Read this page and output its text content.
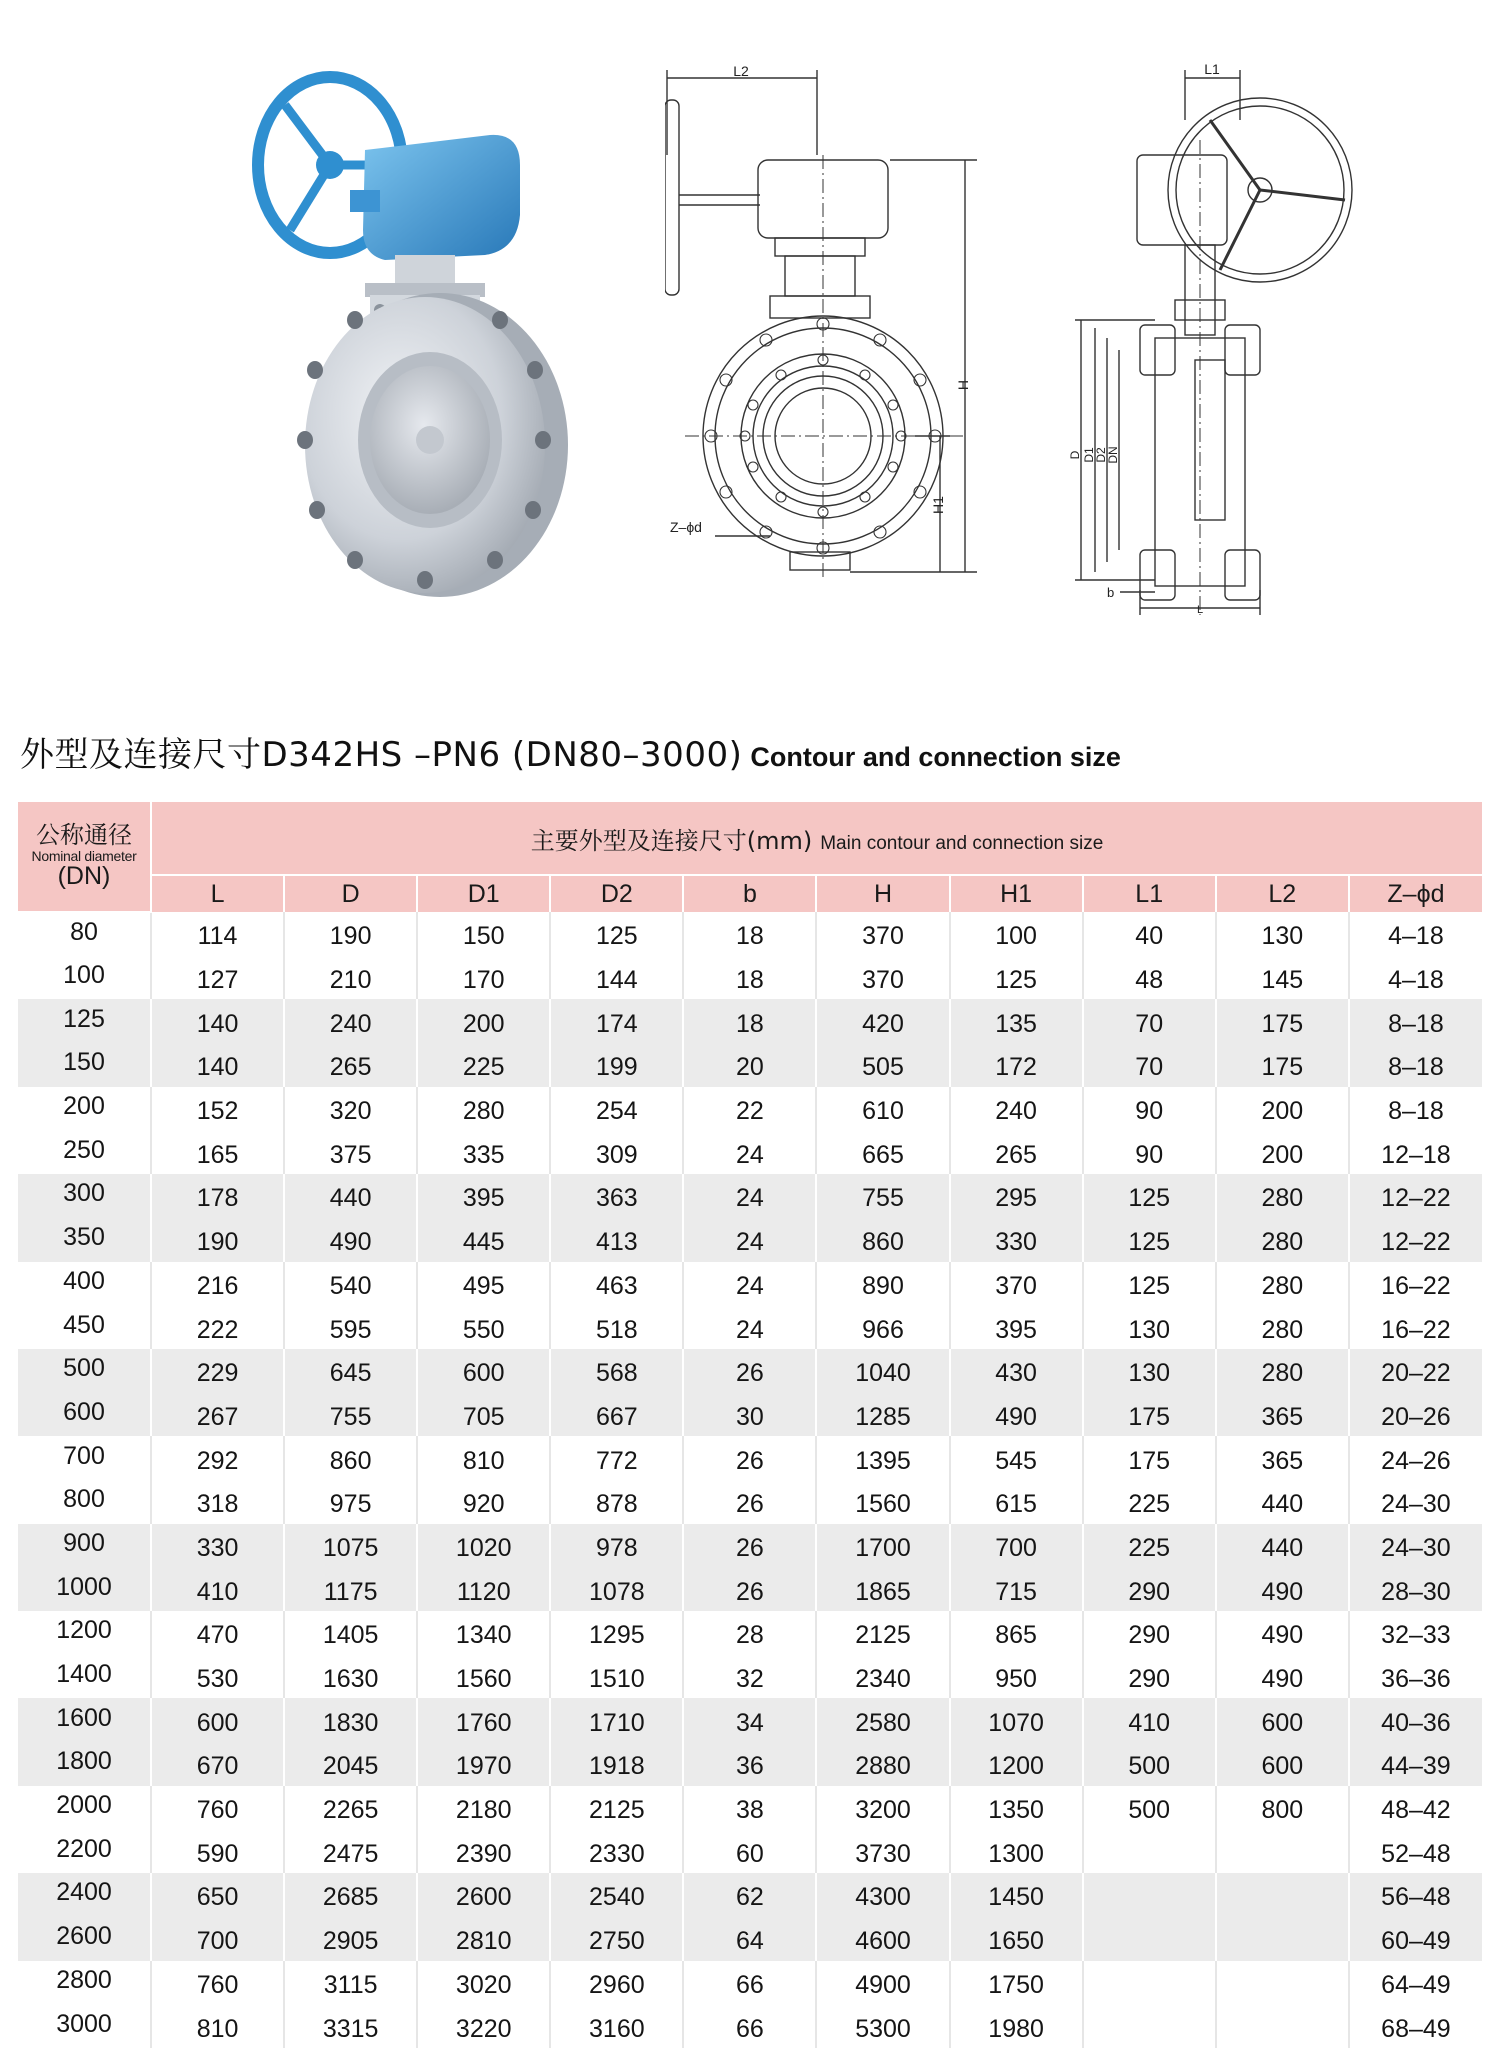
L2
H
H1
Z–ϕd
L1
D D1
D2
DN
b
L
外型及连接尺寸D342HS –PN6 (DN80–3000) Contour and connection size
公称通径
Nominal diameter
(DN)	主要外型及连接尺寸(mm) Main contour and connection size									
	L	D	D1	D2	b	H	H1	L1	L2	Z–ϕd
80	114	190	150	125	18	370	100	40	130	4–18
100	127	210	170	144	18	370	125	48	145	4–18
125	140	240	200	174	18	420	135	70	175	8–18
150	140	265	225	199	20	505	172	70	175	8–18
200	152	320	280	254	22	610	240	90	200	8–18
250	165	375	335	309	24	665	265	90	200	12–18
300	178	440	395	363	24	755	295	125	280	12–22
350	190	490	445	413	24	860	330	125	280	12–22
400	216	540	495	463	24	890	370	125	280	16–22
450	222	595	550	518	24	966	395	130	280	16–22
500	229	645	600	568	26	1040	430	130	280	20–22
600	267	755	705	667	30	1285	490	175	365	20–26
700	292	860	810	772	26	1395	545	175	365	24–26
800	318	975	920	878	26	1560	615	225	440	24–30
900	330	1075	1020	978	26	1700	700	225	440	24–30
1000	410	1175	1120	1078	26	1865	715	290	490	28–30
1200	470	1405	1340	1295	28	2125	865	290	490	32–33
1400	530	1630	1560	1510	32	2340	950	290	490	36–36
1600	600	1830	1760	1710	34	2580	1070	410	600	40–36
1800	670	2045	1970	1918	36	2880	1200	500	600	44–39
2000	760	2265	2180	2125	38	3200	1350	500	800	48–42
2200	590	2475	2390	2330	60	3730	1300			52–48
2400	650	2685	2600	2540	62	4300	1450			56–48
2600	700	2905	2810	2750	64	4600	1650			60–49
2800	760	3115	3020	2960	66	4900	1750			64–49
3000	810	3315	3220	3160	66	5300	1980			68–49
